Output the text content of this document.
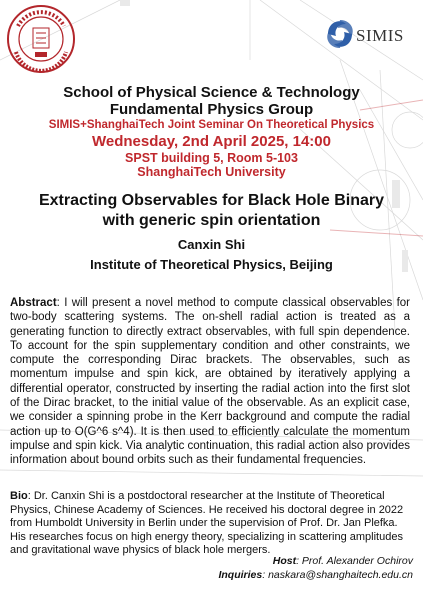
SIMIS
School of Physical Science & Technology
Fundamental Physics Group
SIMIS+ShanghaiTech Joint Seminar On Theoretical Physics
Wednesday, 2nd April 2025, 14:00
SPST building 5, Room 5-103
ShanghaiTech University
Extracting Observables for Black Hole Binary with generic spin orientation
Canxin Shi
Institute of Theoretical Physics, Beijing
Abstract: I will present a novel method to compute classical observables for two-body scattering systems. The on-shell radial action is treated as a generating function to directly extract observables, with full spin dependence. To account for the spin supplementary condition and other constraints, we compute the corresponding Dirac brackets. The observables, such as momentum impulse and spin kick, are obtained by iteratively applying a differential operator, constructed by inserting the radial action into the first slot of the Dirac bracket, to the initial value of the observable. As an explicit case, we consider a spinning probe in the Kerr background and compute the radial action up to O(G^6 s^4). It is then used to efficiently calculate the momentum impulse and spin kick. Via analytic continuation, this radial action also provides information about bound orbits such as their fundamental frequencies.
Bio: Dr. Canxin Shi is a postdoctoral researcher at the Institute of Theoretical Physics, Chinese Academy of Sciences. He received his doctoral degree in 2022 from Humboldt University in Berlin under the supervision of Prof. Dr. Jan Plefka. His researches focus on high energy theory, specializing in scattering amplitudes and gravitational wave physics of black hole mergers.
Host: Prof. Alexander Ochirov
Inquiries: naskara@shanghaitech.edu.cn
